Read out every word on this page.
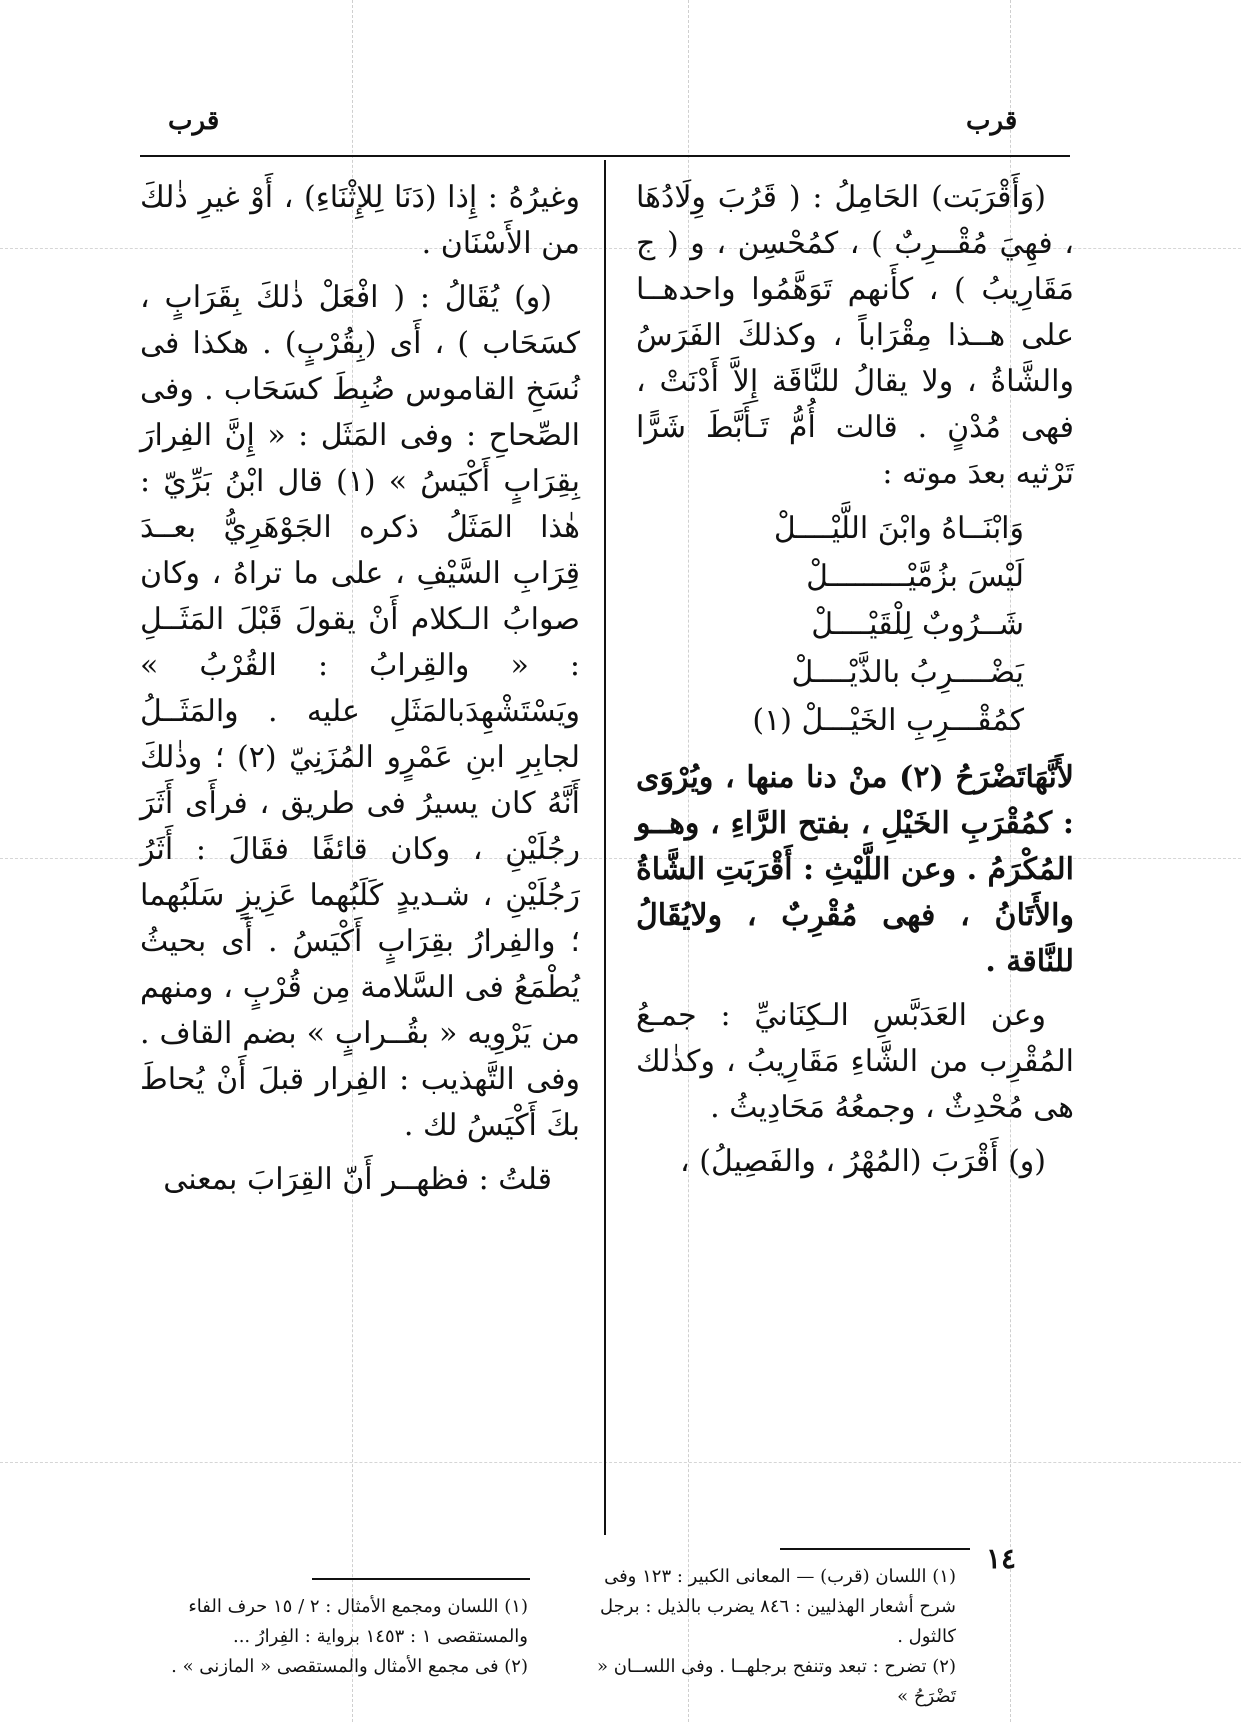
قرب
قرب

(وَأَقْرَبَت) الحَامِلُ : ( قَرُبَ وِلَادُهَا ، فهِيَ مُقْــرِبٌ ) ، كمُحْسِن ، و ( ج مَقَارِيبُ ) ، كأَنهم تَوَهَّمُوا واحدهــا على هــذا مِقْرَاباً ، وكذلكَ الفَرَسُ والشَّاةُ ، ولا يقالُ للنَّاقَة إِلاَّ أَدْنَتْ ، فهى مُدْنٍ . قالت أُمُّ تَـأَبَّطَ شَرًّا تَرْثيه بعدَ موته :

وَابْنَــاهُ وابْنَ اللَّيْــــلْ
لَيْسَ بزُمَّيْـــــــــلْ
شَــرُوبٌ لِلْقَيْــــلْ
يَضْــــرِبُ بالذَّيْــــلْ
كمُقْـــرِبِ الخَيْـــلْ (١)

لأَنَّهَاتَضْرَحُ (٢) منْ دنا منها ، ويُرْوَى : كمُقْرَبِ الخَيْلِ ، بفتح الرَّاءِ ، وهــو المُكْرَمُ . وعن اللَّيْثِ : أَقْرَبَتِ الشَّاةُ والأَتَانُ ، فهى مُقْرِبٌ ، ولايُقَالُ للنَّاقة .

وعن العَدَبَّسِ الـكِنَانيِّ : جمـعُ المُقْرِب من الشَّاءِ مَقَارِيبُ ، وكذٰلك هى مُحْدِثٌ ، وجمعُهُ مَحَادِيثُ .

(و) أَقْرَبَ (المُهْرُ ، والفَصِيلُ) ،

(١) اللسان (قرب) — المعانى الكبير : ١٢٣ وفى شرح أشعار الهذليين : ٨٤٦ يضرب بالذيل : برجل كالثول .

(٢) تضرح : تبعد وتنفح برجلهــا . وفى اللســان « تَضْرَحُ »

وغيرُهُ : إِذا (دَنَا لِلإِثْنَاءِ) ، أَوْ غيرِ ذٰلكَ من الأَسْنَان .

(و) يُقَالُ : ( افْعَلْ ذٰلكَ بِقَرَابٍ ، كسَحَاب ) ، أَى (بِقُرْبٍ) . هكذا فى نُسَخِ القاموس ضُبِطَ كسَحَاب . وفى الصِّحاحِ : وفى المَثَل : « إِنَّ الفِرارَ بِقِرَابٍ أَكْيَسُ » (١) قال ابْنُ بَرِّيّ : هٰذا المَثَلُ ذكره الجَوْهَرِيُّ بعــدَ قِرَابِ السَّيْفِ ، على ما تراهُ ، وكان صوابُ الـكلام أَنْ يقولَ قَبْلَ المَثَــلِ : « والقِرابُ : القُرْبُ » ويَسْتَشْهِدَبالمَثَلِ عليه . والمَثَــلُ لجابِرِ ابنِ عَمْرٍو المُزَنِيّ (٢) ؛ وذٰلكَ أَنَّهُ كان يسيرُ فى طريق ، فرأَى أَثَرَ رجُلَيْنِ ، وكان قائفًا فقَالَ : أَثَرُ رَجُلَيْنِ ، شـديدٍ كَلَبُهما عَزِيزٍ سَلَبُهما ؛ والفِرارُ بقِرَابٍ أَكْيَسُ . أَى بحيثُ يُطْمَعُ فى السَّلامة مِن قُرْبٍ ، ومنهم من يَرْوِيه « بقُــرابٍ » بضم القاف . وفى التَّهذيب : الفِرار قبلَ أَنْ يُحاطَ بكَ أَكْيَسُ لك .

قلتُ : فظهــر أَنّ القِرَابَ بمعنى

(١) اللسان ومجمع الأمثال : ٢ / ١٥ حرف الفاء والمستقصى ١ : ١٤٥٣ برواية : الفِرارُ ...

(٢) فى مجمع الأمثال والمستقصى « المازنى » .

١٤
